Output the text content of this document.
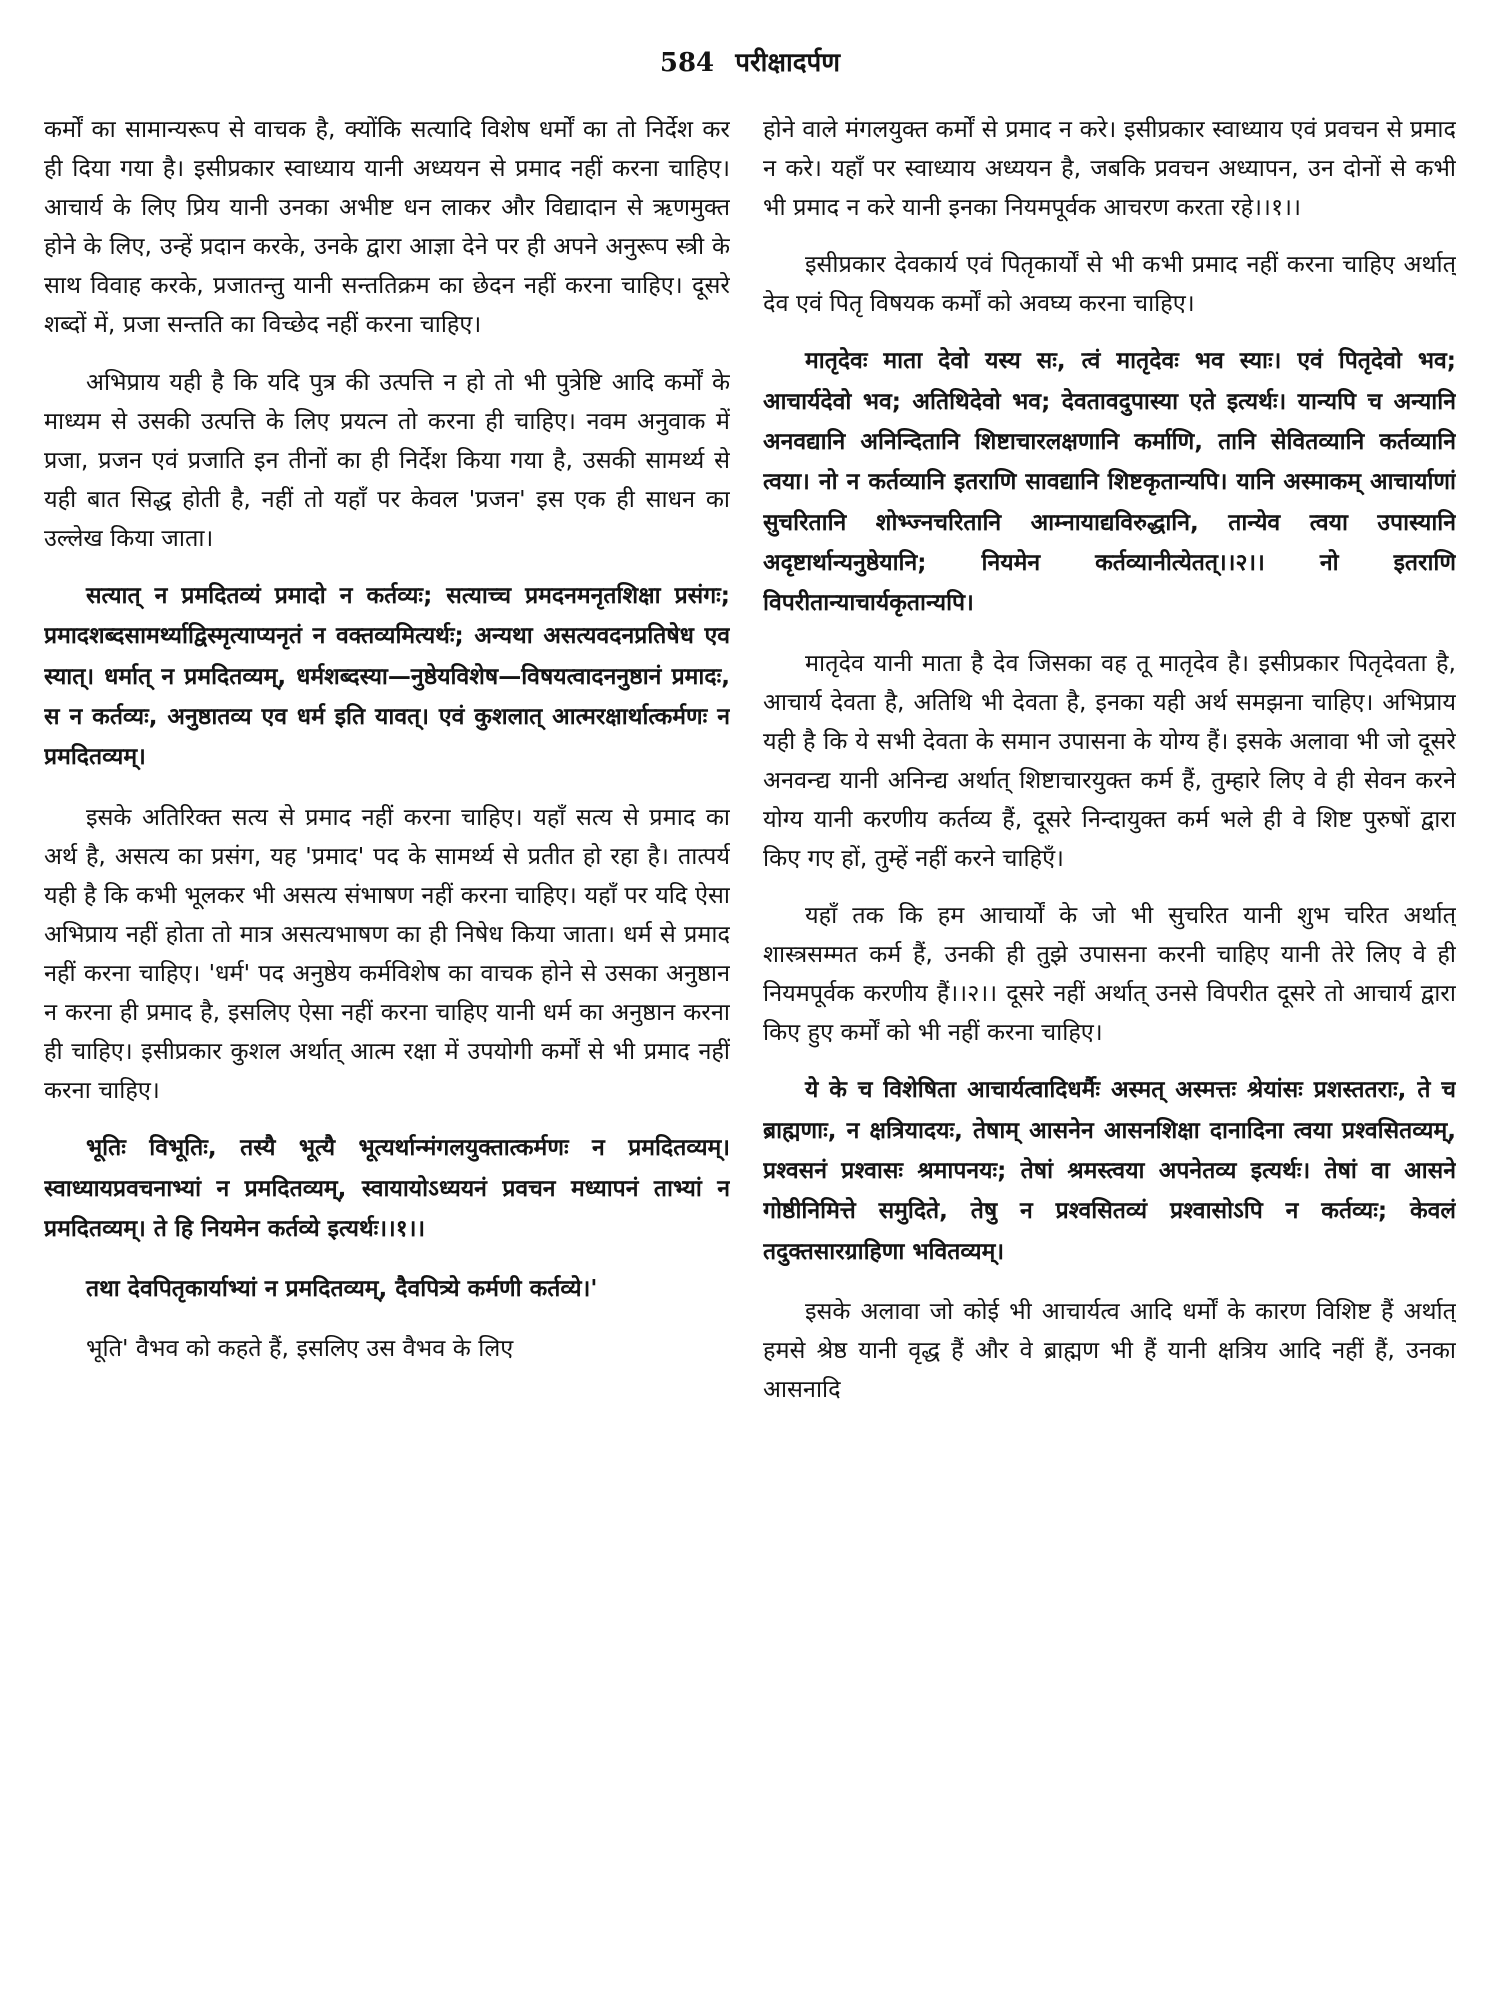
584 परीक्षादर्पण

कर्मों का सामान्यरूप से वाचक है, क्योंकि सत्यादि विशेष धर्मों का तो निर्देश कर ही दिया गया है। इसीप्रकार स्वाध्याय यानी अध्ययन से प्रमाद नहीं करना चाहिए। आचार्य के लिए प्रिय यानी उनका अभीष्ट धन लाकर और विद्यादान से ऋणमुक्त होने के लिए, उन्हें प्रदान करके, उनके द्वारा आज्ञा देने पर ही अपने अनुरूप स्त्री के साथ विवाह करके, प्रजातन्तु यानी सन्ततिक्रम का छेदन नहीं करना चाहिए। दूसरे शब्दों में, प्रजा सन्तति का विच्छेद नहीं करना चाहिए।

अभिप्राय यही है कि यदि पुत्र की उत्पत्ति न हो तो भी पुत्रेष्टि आदि कर्मों के माध्यम से उसकी उत्पत्ति के लिए प्रयत्न तो करना ही चाहिए। नवम अनुवाक में प्रजा, प्रजन एवं प्रजाति इन तीनों का ही निर्देश किया गया है, उसकी सामर्थ्य से यही बात सिद्ध होती है, नहीं तो यहाँ पर केवल 'प्रजन' इस एक ही साधन का उल्लेख किया जाता।

सत्यात् न प्रमदितव्यं प्रमादो न कर्तव्यः; सत्याच्च प्रमदनमनृतशिक्षा प्रसंगः; प्रमादशब्दसामर्थ्याद्विस्मृत्याप्यनृतं न वक्तव्यमित्यर्थः; अन्यथा असत्यवदनप्रतिषेध एव स्यात्। धर्मात् न प्रमदितव्यम्, धर्मशब्दस्या—नुष्ठेयविशेष—विषयत्वादननुष्ठानं प्रमादः, स न कर्तव्यः, अनुष्ठातव्य एव धर्म इति यावत्। एवं कुशलात् आत्मरक्षार्थात्कर्मणः न प्रमदितव्यम्।

इसके अतिरिक्त सत्य से प्रमाद नहीं करना चाहिए। यहाँ सत्य से प्रमाद का अर्थ है, असत्य का प्रसंग, यह 'प्रमाद' पद के सामर्थ्य से प्रतीत हो रहा है। तात्पर्य यही है कि कभी भूलकर भी असत्य संभाषण नहीं करना चाहिए। यहाँ पर यदि ऐसा अभिप्राय नहीं होता तो मात्र असत्यभाषण का ही निषेध किया जाता। धर्म से प्रमाद नहीं करना चाहिए। 'धर्म' पद अनुष्ठेय कर्मविशेष का वाचक होने से उसका अनुष्ठान न करना ही प्रमाद है, इसलिए ऐसा नहीं करना चाहिए यानी धर्म का अनुष्ठान करना ही चाहिए। इसीप्रकार कुशल अर्थात् आत्म रक्षा में उपयोगी कर्मों से भी प्रमाद नहीं करना चाहिए।

भूतिः विभूतिः, तस्यै भूत्यै भूत्यर्थान्मंगलयुक्तात्कर्मणः न प्रमदितव्यम्। स्वाध्यायप्रवचनाभ्यां न प्रमदितव्यम्, स्वायायोऽध्ययनं प्रवचन मध्यापनं ताभ्यां न प्रमदितव्यम्। ते हि नियमेन कर्तव्ये इत्यर्थः।।१।।

तथा देवपितृकार्याभ्यां न प्रमदितव्यम्, दैवपित्र्ये कर्मणी कर्तव्ये।'

भूति' वैभव को कहते हैं, इसलिए उस वैभव के लिए

होने वाले मंगलयुक्त कर्मों से प्रमाद न करे। इसीप्रकार स्वाध्याय एवं प्रवचन से प्रमाद न करे। यहाँ पर स्वाध्याय अध्ययन है, जबकि प्रवचन अध्यापन, उन दोनों से कभी भी प्रमाद न करे यानी इनका नियमपूर्वक आचरण करता रहे।।१।।

इसीप्रकार देवकार्य एवं पितृकार्यों से भी कभी प्रमाद नहीं करना चाहिए अर्थात् देव एवं पितृ विषयक कर्मों को अवघ्य करना चाहिए।

मातृदेवः माता देवो यस्य सः, त्वं मातृदेवः भव स्याः। एवं पितृदेवो भव; आचार्यदेवो भव; अतिथिदेवो भव; देवतावदुपास्या एते इत्यर्थः। यान्यपि च अन्यानि अनवद्यानि अनिन्दितानि शिष्टाचारलक्षणानि कर्माणि, तानि सेवितव्यानि कर्तव्यानि त्वया। नो न कर्तव्यानि इतराणि सावद्यानि शिष्टकृतान्यपि। यानि अस्माकम् आचार्याणां सुचरितानि शोभ्ज्नचरितानि आम्नायाद्यविरुद्धानि, तान्येव त्वया उपास्यानि अदृष्टार्थान्यनुष्ठेयानि; नियमेन कर्तव्यानीत्येतत्।।२।। नो इतराणि विपरीतान्याचार्यकृतान्यपि।

मातृदेव यानी माता है देव जिसका वह तू मातृदेव है। इसीप्रकार पितृदेवता है, आचार्य देवता है, अतिथि भी देवता है, इनका यही अर्थ समझना चाहिए। अभिप्राय यही है कि ये सभी देवता के समान उपासना के योग्य हैं। इसके अलावा भी जो दूसरे अनवन्द्य यानी अनिन्द्य अर्थात् शिष्टाचारयुक्त कर्म हैं, तुम्हारे लिए वे ही सेवन करने योग्य यानी करणीय कर्तव्य हैं, दूसरे निन्दायुक्त कर्म भले ही वे शिष्ट पुरुषों द्वारा किए गए हों, तुम्हें नहीं करने चाहिएँ।

यहाँ तक कि हम आचार्यों के जो भी सुचरित यानी शुभ चरित अर्थात् शास्त्रसम्मत कर्म हैं, उनकी ही तुझे उपासना करनी चाहिए यानी तेरे लिए वे ही नियमपूर्वक करणीय हैं।।२।। दूसरे नहीं अर्थात् उनसे विपरीत दूसरे तो आचार्य द्वारा किए हुए कर्मों को भी नहीं करना चाहिए।

ये के च विशेषिता आचार्यत्वादिधर्मैः अस्मत् अस्मत्तः श्रेयांसः प्रशस्ततराः, ते च ब्राह्मणाः, न क्षत्रियादयः, तेषाम् आसनेन आसनशिक्षा दानादिना त्वया प्रश्वसितव्यम्, प्रश्वसनं प्रश्वासः श्रमापनयः; तेषां श्रमस्त्वया अपनेतव्य इत्यर्थः। तेषां वा आसने गोष्ठीनिमित्ते समुदिते, तेषु न प्रश्वसितव्यं प्रश्वासोऽपि न कर्तव्यः; केवलं तदुक्तसारग्राहिणा भवितव्यम्।

इसके अलावा जो कोई भी आचार्यत्व आदि धर्मों के कारण विशिष्ट हैं अर्थात् हमसे श्रेष्ठ यानी वृद्ध हैं और वे ब्राह्मण भी हैं यानी क्षत्रिय आदि नहीं हैं, उनका आसनादि
